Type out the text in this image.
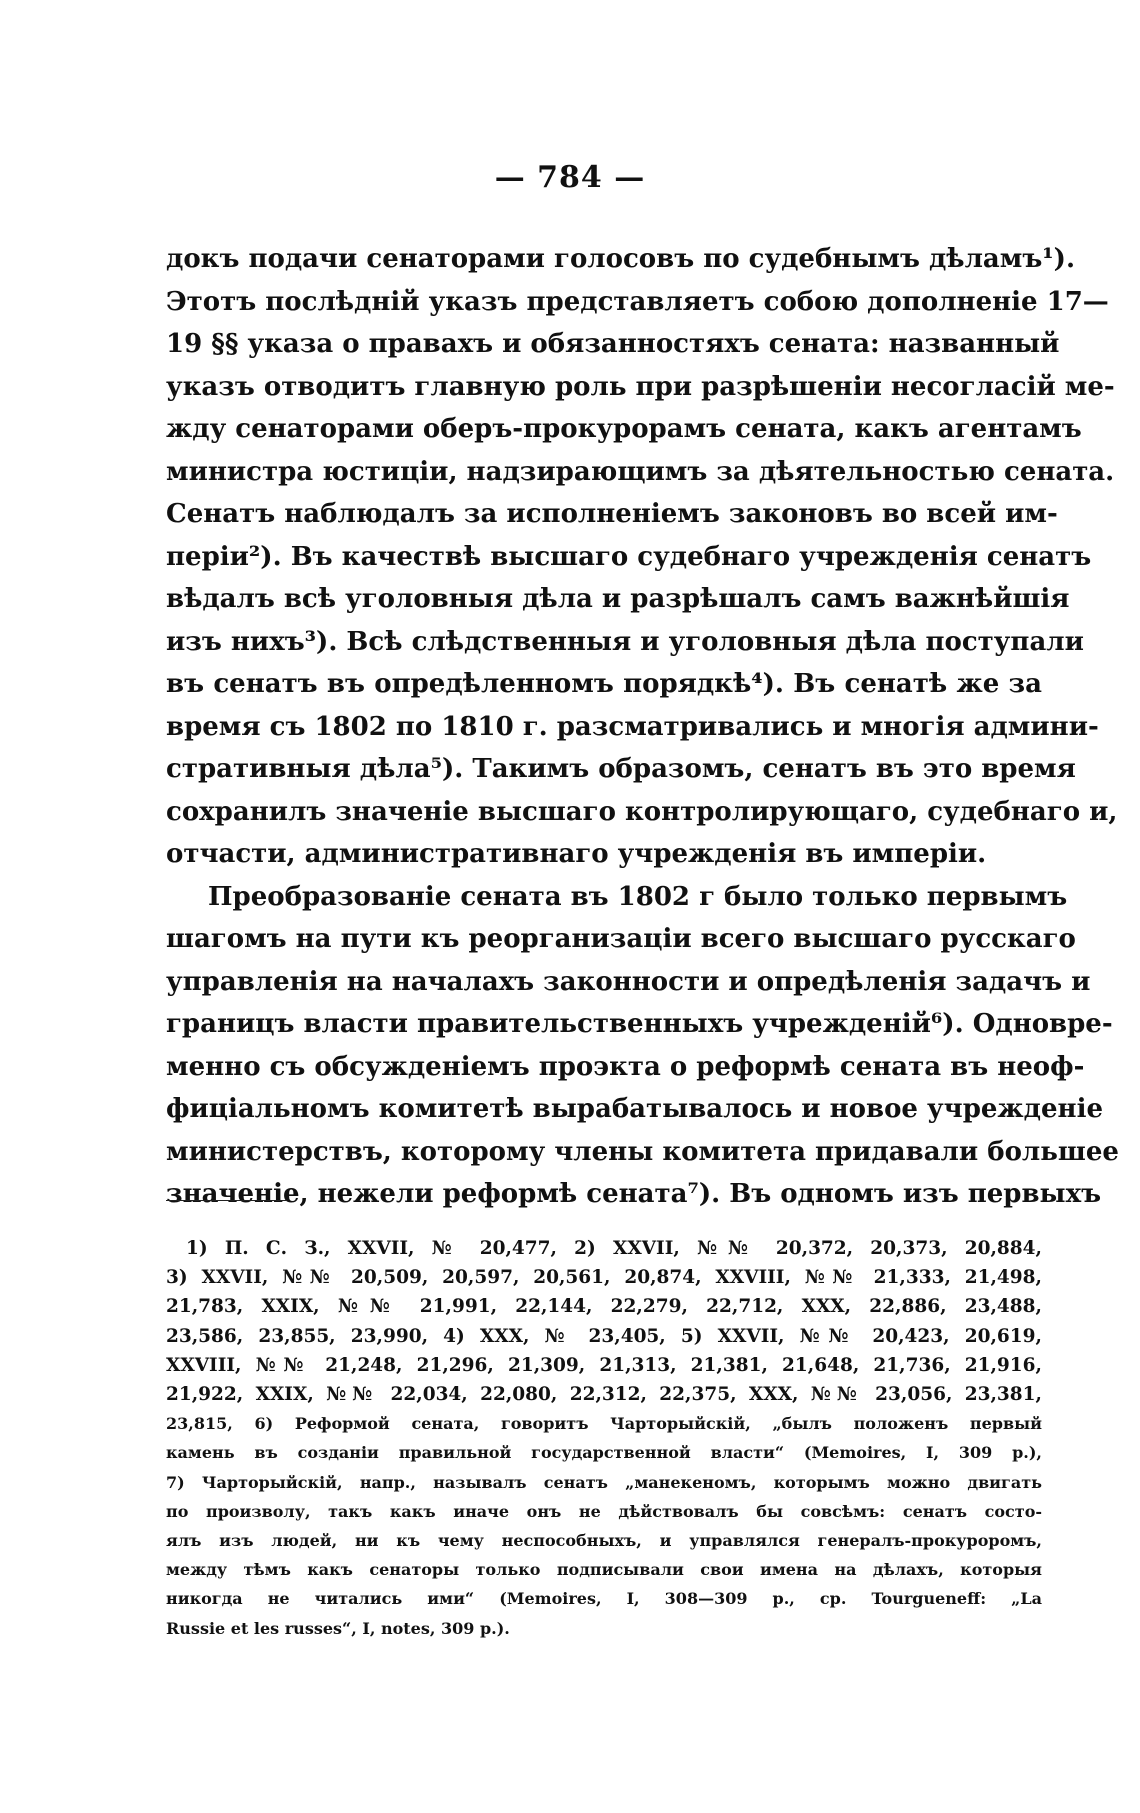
— 784 —
докъ подачи сенаторами голосовъ по судебнымъ дѣламъ¹).
Этотъ послѣдній указъ представляетъ собою дополненіе 17—
19 §§ указа о правахъ и обязанностяхъ сената: названный
указъ отводитъ главную роль при разрѣшеніи несогласій ме-
жду сенаторами оберъ-прокурорамъ сената, какъ агентамъ
министра юстиціи, надзирающимъ за дѣятельностью сената.
Сенатъ наблюдалъ за исполненіемъ законовъ во всей им-
періи²). Въ качествѣ высшаго судебнаго учрежденія сенатъ
вѣдалъ всѣ уголовныя дѣла и разрѣшалъ самъ важнѣйшія
изъ нихъ³). Всѣ слѣдственныя и уголовныя дѣла поступали
въ сенатъ въ опредѣленномъ порядкѣ⁴). Въ сенатѣ же за
время съ 1802 по 1810 г. разсматривались и многія админи-
стративныя дѣла⁵). Такимъ образомъ, сенатъ въ это время
сохранилъ значеніе высшаго контролирующаго, судебнаго и,
отчасти, административнаго учрежденія въ имперіи.
Преобразованіе сената въ 1802 г было только первымъ
шагомъ на пути къ реорганизаціи всего высшаго русскаго
управленія на началахъ законности и опредѣленія задачъ и
границъ власти правительственныхъ учрежденій⁶). Одновре-
менно съ обсужденіемъ проэкта о реформѣ сената въ неоф-
фиціальномъ комитетѣ вырабатывалось и новое учрежденіе
министерствъ, которому члены комитета придавали большее
значеніе, нежели реформѣ сената⁷). Въ одномъ изъ первыхъ
1) П. С. З., XXVII, № 20,477, 2) XXVII, №№ 20,372, 20,373, 20,884,
3) XXVII, №№ 20,509, 20,597, 20,561, 20,874, XXVIII, №№ 21,333, 21,498,
21,783, XXIX, №№ 21,991, 22,144, 22,279, 22,712, XXX, 22,886, 23,488,
23,586, 23,855, 23,990, 4) XXX, № 23,405, 5) XXVII, №№ 20,423, 20,619,
XXVIII, №№ 21,248, 21,296, 21,309, 21,313, 21,381, 21,648, 21,736, 21,916,
21,922, XXIX, №№ 22,034, 22,080, 22,312, 22,375, XXX, №№ 23,056, 23,381,
23,815, 6) Реформой сената, говоритъ Чарторыйскій, „былъ положенъ первый
камень въ созданіи правильной государственной власти“ (Memoires, I, 309 p.),
7) Чарторыйскій, напр., называлъ сенатъ „манекеномъ, которымъ можно двигать
по произволу, такъ какъ иначе онъ не дѣйствовалъ бы совсѣмъ: сенатъ состо-
ялъ изъ людей, ни къ чему неспособныхъ, и управлялся генералъ-прокуроромъ,
между тѣмъ какъ сенаторы только подписывали свои имена на дѣлахъ, которыя
никогда не читались ими“ (Memoires, I, 308—309 p., ср. Tourgueneff: „La
Russie et les russes“, I, notes, 309 p.).
